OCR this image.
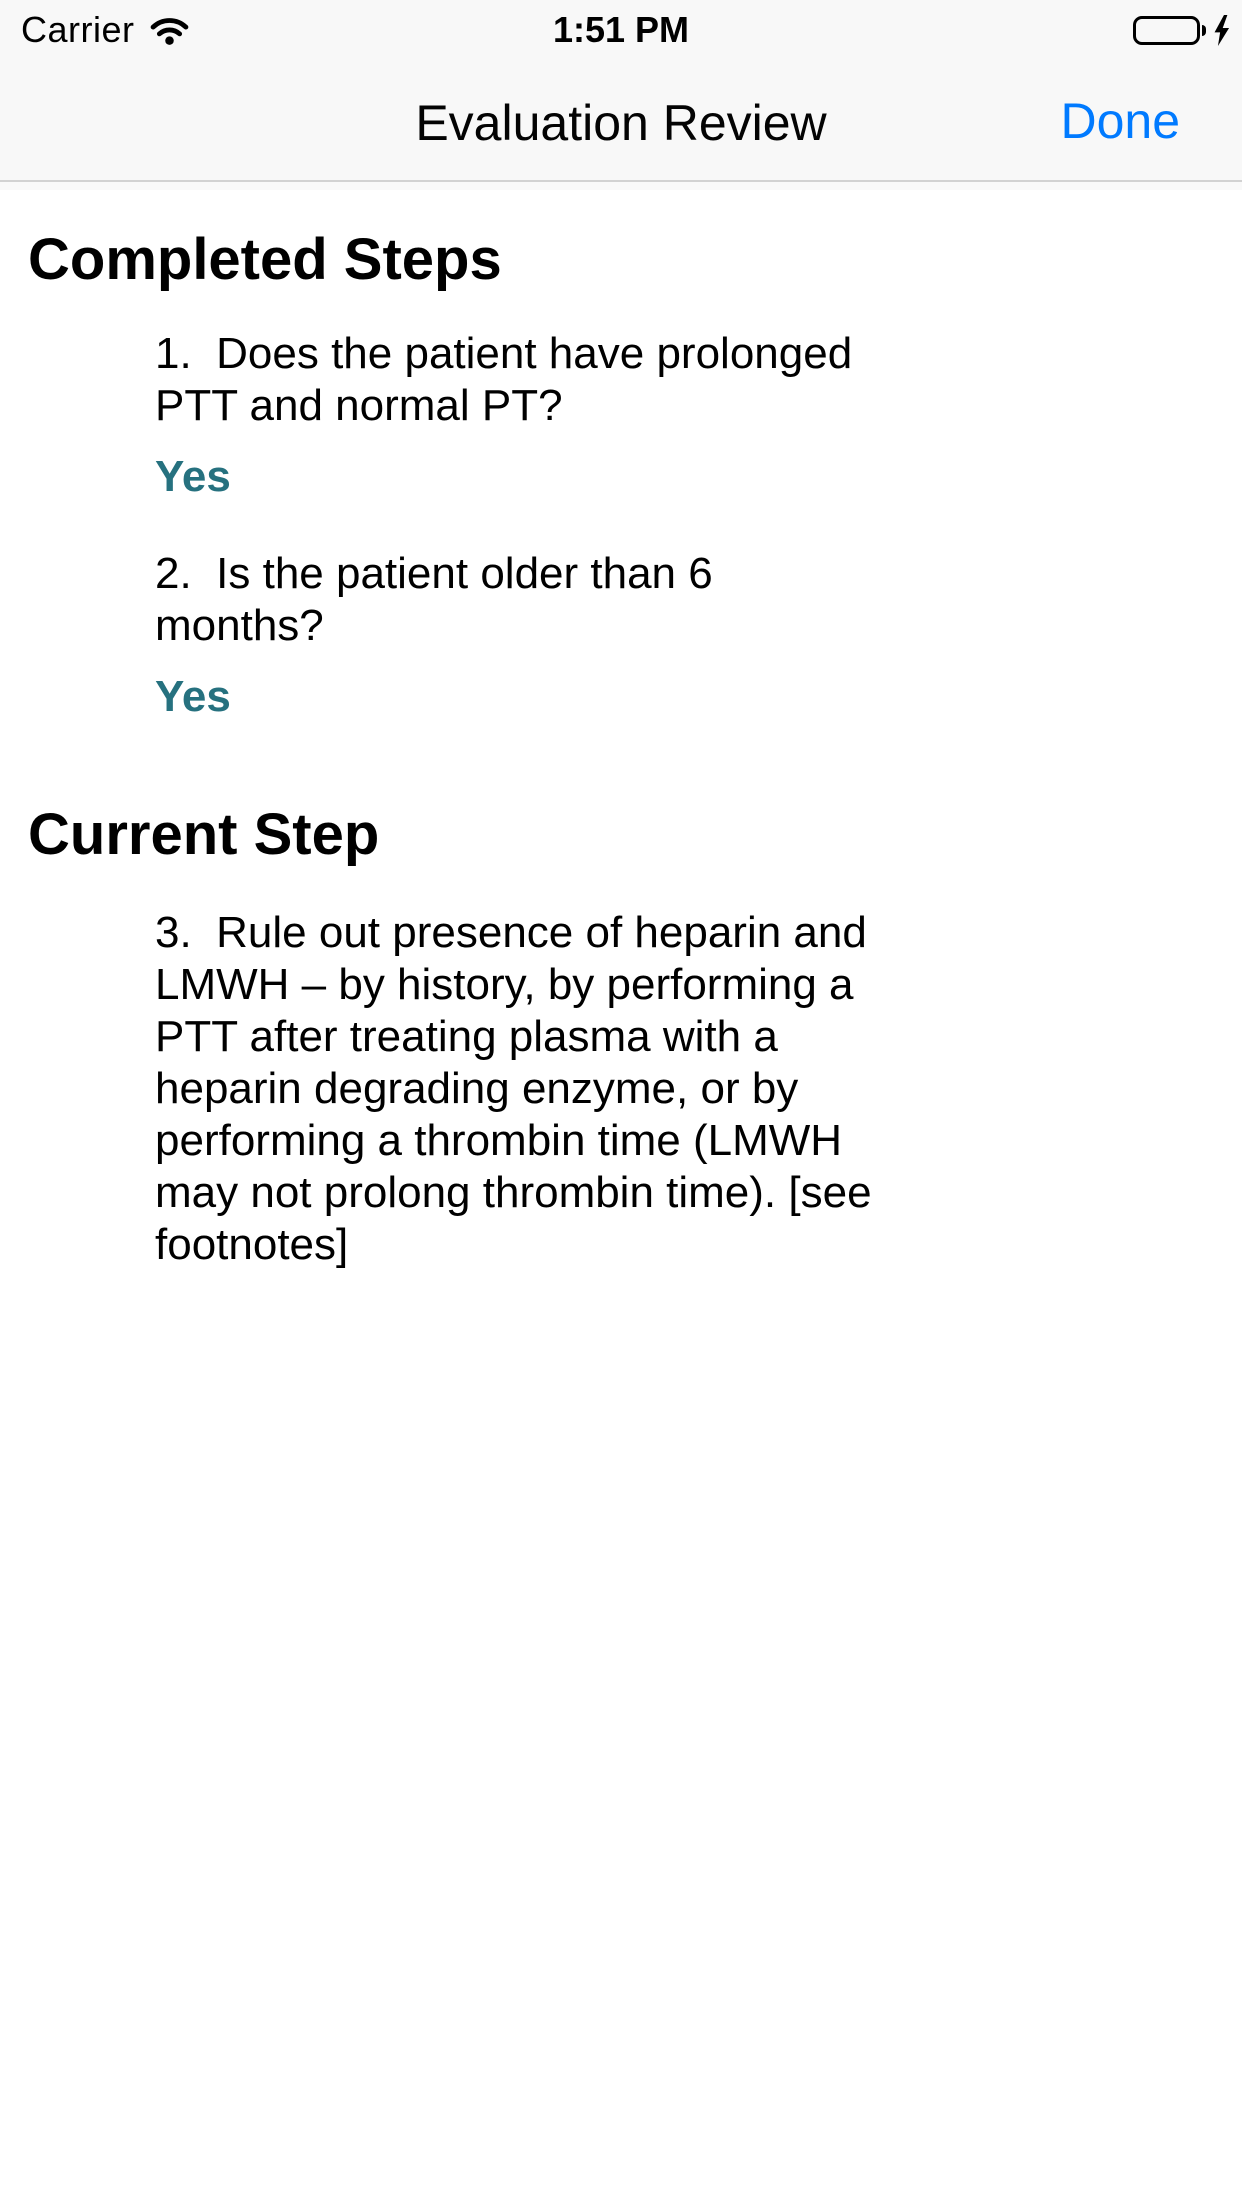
Carrier	1:51 PM
Evaluation Review	Done
Completed Steps

1.  Does the patient have prolonged PTT and normal PT?

Yes

2.  Is the patient older than 6 months?

Yes

Current Step

3.  Rule out presence of heparin and LMWH – by history, by performing a PTT after treating plasma with a heparin degrading enzyme, or by performing a thrombin time (LMWH may not prolong thrombin time). [see footnotes]
